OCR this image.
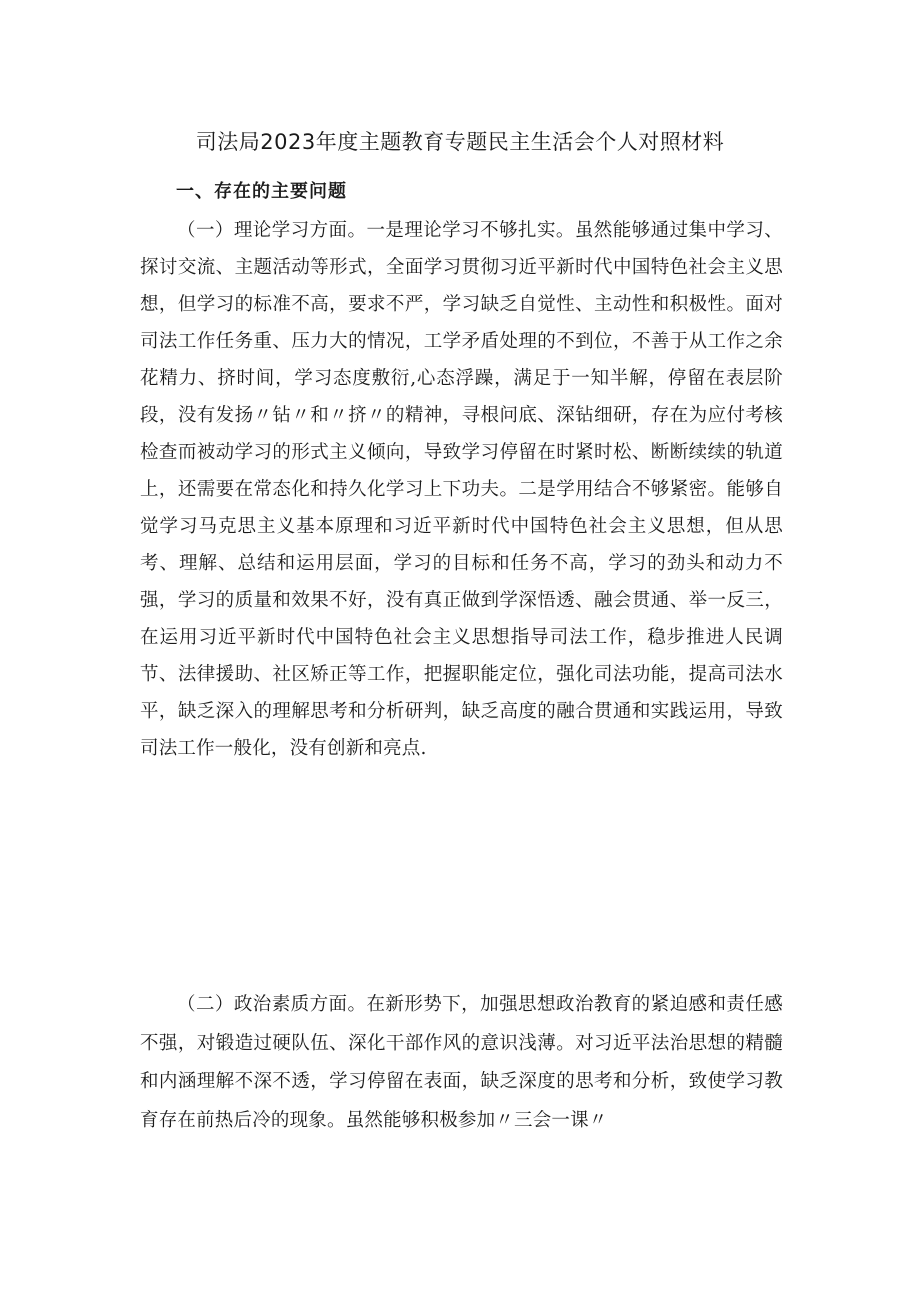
司法局2023年度主题教育专题民主生活会个人对照材料
一、存在的主要问题

（一）理论学习方面。一是理论学习不够扎实。虽然能够通过集中学习、探讨交流、主题活动等形式，全面学习贯彻习近平新时代中国特色社会主义思想，但学习的标准不高，要求不严，学习缺乏自觉性、主动性和积极性。面对司法工作任务重、压力大的情况，工学矛盾处理的不到位，不善于从工作之余花精力、挤时间，学习态度敷衍,心态浮躁，满足于一知半解，停留在表层阶段，没有发扬〃钻〃和〃挤〃的精神，寻根问底、深钻细研，存在为应付考核检查而被动学习的形式主义倾向，导致学习停留在时紧时松、断断续续的轨道上，还需要在常态化和持久化学习上下功夫。二是学用结合不够紧密。能够自觉学习马克思主义基本原理和习近平新时代中国特色社会主义思想，但从思考、理解、总结和运用层面，学习的目标和任务不高，学习的劲头和动力不强，学习的质量和效果不好，没有真正做到学深悟透、融会贯通、举一反三，在运用习近平新时代中国特色社会主义思想指导司法工作，稳步推进人民调节、法律援助、社区矫正等工作，把握职能定位，强化司法功能，提高司法水平，缺乏深入的理解思考和分析研判，缺乏高度的融合贯通和实践运用，导致司法工作一般化，没有创新和亮点.

（二）政治素质方面。在新形势下，加强思想政治教育的紧迫感和责任感不强，对锻造过硬队伍、深化干部作风的意识浅薄。对习近平法治思想的精髓和内涵理解不深不透，学习停留在表面，缺乏深度的思考和分析，致使学习教育存在前热后冷的现象。虽然能够积极参加〃三会一课〃
